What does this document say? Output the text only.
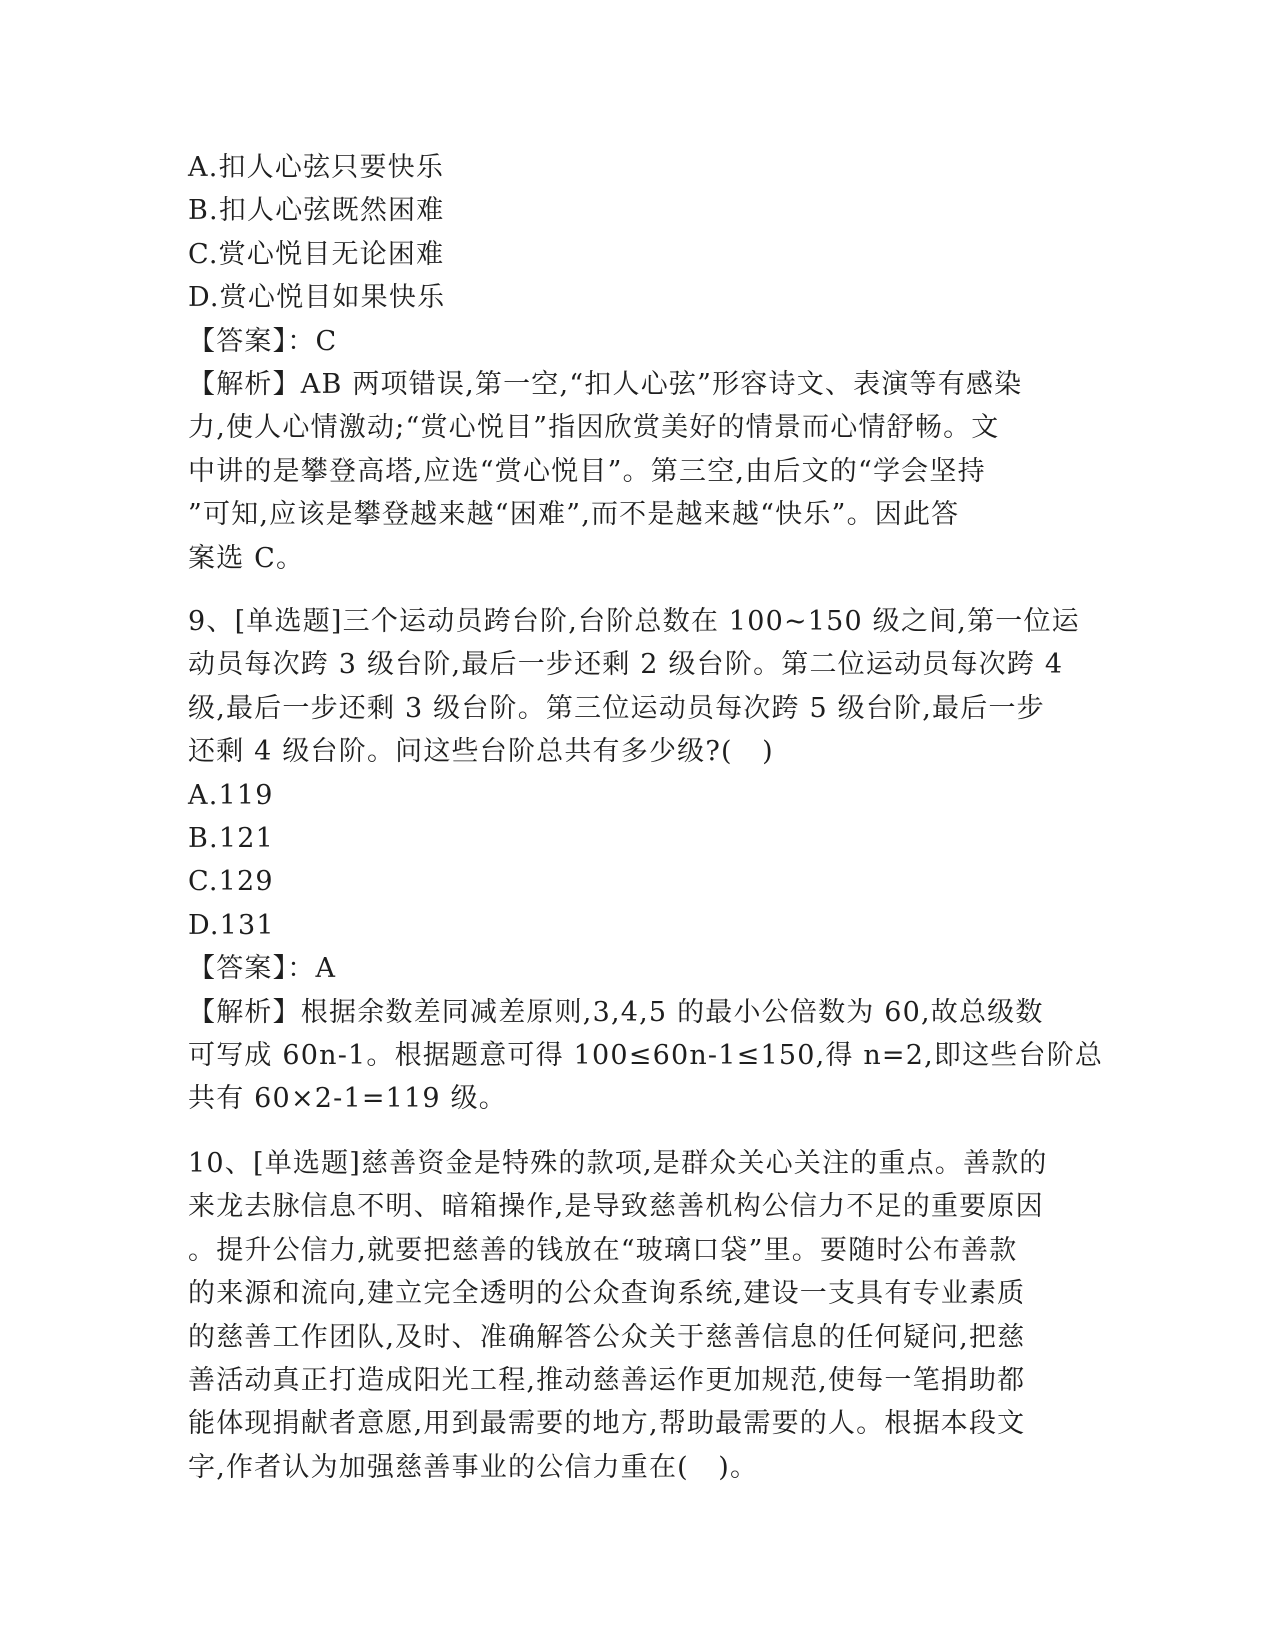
A.扣人心弦只要快乐
B.扣人心弦既然困难
C.赏心悦目无论困难
D.赏心悦目如果快乐
【答案】：C
【解析】AB 两项错误,第一空,“扣人心弦”形容诗文、表演等有感染
力,使人心情激动;“赏心悦目”指因欣赏美好的情景而心情舒畅。文
中讲的是攀登高塔,应选“赏心悦目”。第三空,由后文的“学会坚持
”可知,应该是攀登越来越“困难”,而不是越来越“快乐”。因此答
案选 C。
9、[单选题]三个运动员跨台阶,台阶总数在 100~150 级之间,第一位运
动员每次跨 3 级台阶,最后一步还剩 2 级台阶。第二位运动员每次跨 4
级,最后一步还剩 3 级台阶。第三位运动员每次跨 5 级台阶,最后一步
还剩 4 级台阶。问这些台阶总共有多少级?(   )
A.119
B.121
C.129
D.131
【答案】：A
【解析】根据余数差同减差原则,3,4,5 的最小公倍数为 60,故总级数
可写成 60n-1。根据题意可得 100≤60n-1≤150,得 n=2,即这些台阶总
共有 60×2-1=119 级。
10、[单选题]慈善资金是特殊的款项,是群众关心关注的重点。善款的
来龙去脉信息不明、暗箱操作,是导致慈善机构公信力不足的重要原因
。提升公信力,就要把慈善的钱放在“玻璃口袋”里。要随时公布善款
的来源和流向,建立完全透明的公众查询系统,建设一支具有专业素质
的慈善工作团队,及时、准确解答公众关于慈善信息的任何疑问,把慈
善活动真正打造成阳光工程,推动慈善运作更加规范,使每一笔捐助都
能体现捐献者意愿,用到最需要的地方,帮助最需要的人。根据本段文
字,作者认为加强慈善事业的公信力重在(   )。
